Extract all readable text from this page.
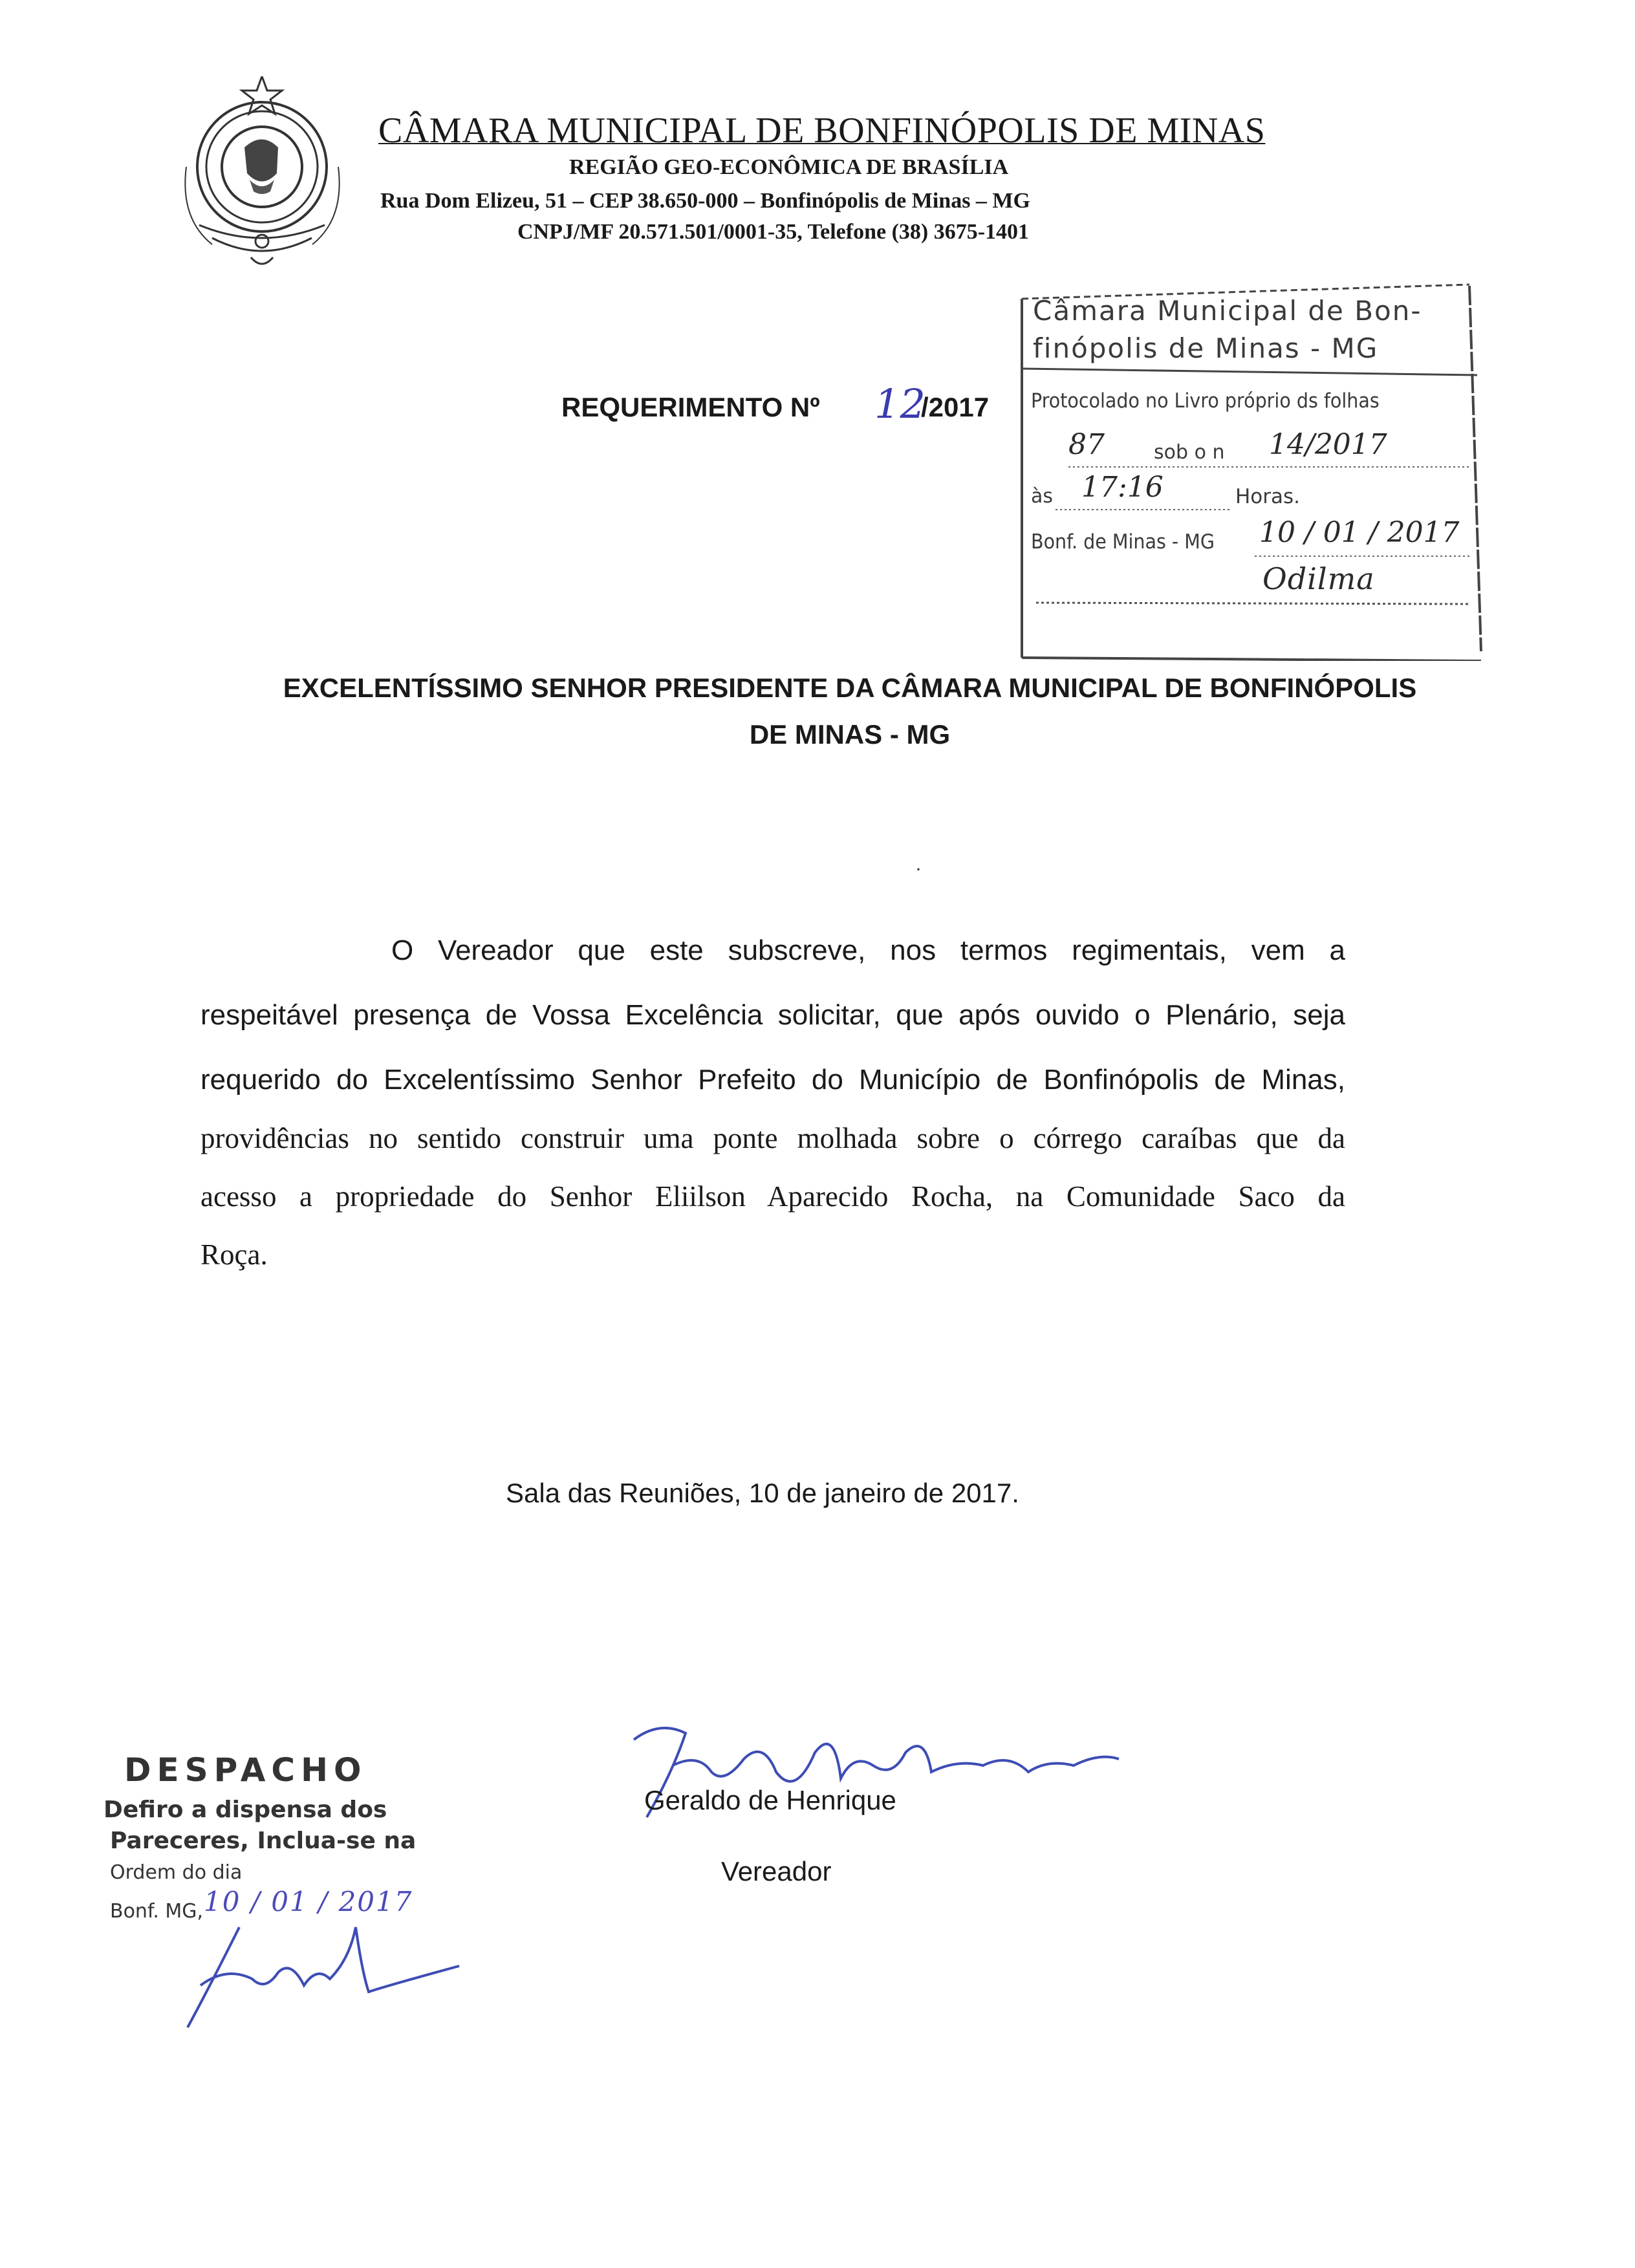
CÂMARA MUNICIPAL DE BONFINÓPOLIS DE MINAS
REGIÃO GEO-ECONÔMICA DE BRASÍLIA
Rua Dom Elizeu, 51 – CEP 38.650-000 – Bonfinópolis de Minas – MG
CNPJ/MF 20.571.501/0001-35, Telefone (38) 3675-1401
Câmara Municipal de Bon-
finópolis de Minas - MG
Protocolado no Livro próprio ds folhas
87	sob o n 14/2017
às 17:16	Horas.
Bonf. de Minas - MG 10 / 01 / 2017
Odilma
REQUERIMENTO Nº 12
/2017
EXCELENTÍSSIMO SENHOR PRESIDENTE DA CÂMARA MUNICIPAL DE BONFINÓPOLIS
DE MINAS - MG
·
O Vereador que este subscreve, nos termos regimentais, vem a
respeitável presença de Vossa Excelência solicitar, que após ouvido o Plenário, seja
requerido do Excelentíssimo Senhor Prefeito do Município de Bonfinópolis de Minas,
providências no sentido construir uma ponte molhada sobre o córrego caraíbas que da
acesso a propriedade do Senhor Eliilson Aparecido Rocha, na Comunidade Saco da
Roça.
Sala das Reuniões, 10 de janeiro de 2017.
Geraldo de Henrique
Vereador
DESPACHO
Defiro a dispensa dos
Pareceres, Inclua-se na
Ordem do dia
Bonf. MG, 10 / 01 / 2017
